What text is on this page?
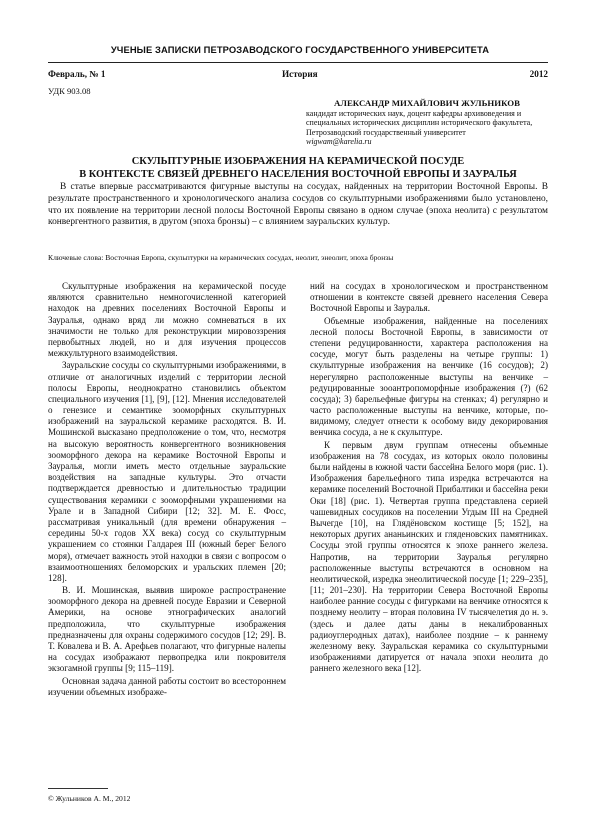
УЧЕНЫЕ ЗАПИСКИ ПЕТРОЗАВОДСКОГО ГОСУДАРСТВЕННОГО УНИВЕРСИТЕТА
Февраль, № 1	История	2012
УДК 903.08
АЛЕКСАНДР МИХАЙЛОВИЧ ЖУЛЬНИКОВ
кандидат исторических наук, доцент кафедры архивоведения и специальных исторических дисциплин исторического факультета, Петрозаводский государственный университет
wigwam@karelia.ru
СКУЛЬПТУРНЫЕ ИЗОБРАЖЕНИЯ НА КЕРАМИЧЕСКОЙ ПОСУДЕ
В КОНТЕКСТЕ СВЯЗЕЙ ДРЕВНЕГО НАСЕЛЕНИЯ ВОСТОЧНОЙ ЕВРОПЫ И ЗАУРАЛЬЯ
В статье впервые рассматриваются фигурные выступы на сосудах, найденных на территории Восточной Европы. В результате пространственного и хронологического анализа сосудов со скульптурными изображениями было установлено, что их появление на территории лесной полосы Восточной Европы связано в одном случае (эпоха неолита) с результатом конвергентного развития, в другом (эпоха бронзы) – с влиянием зауральских культур.
Ключевые слова: Восточная Европа, скульптурки на керамических сосудах, неолит, энеолит, эпоха бронзы

Скульптурные изображения на керамической посуде являются сравнительно немногочисленной категорией находок на древних поселениях Восточной Европы и Зауралья, однако вряд ли можно сомневаться в их значимости не только для реконструкции мировоззрения первобытных людей, но и для изучения процессов межкультурного взаимодействия.

Зауральские сосуды со скульптурными изображениями, в отличие от аналогичных изделий с территории лесной полосы Европы, неоднократно становились объектом специального изучения [1], [9], [12]. Мнения исследователей о генезисе и семантике зооморфных скульптурных изображений на зауральской керамике расходятся. В. И. Мошинской высказано предположение о том, что, несмотря на высокую вероятность конвергентного возникновения зооморфного декора на керамике Восточной Европы и Зауралья, могли иметь место отдельные зауральские воздействия на западные культуры. Это отчасти подтверждается древностью и длительностью традиции существования керамики с зооморфными украшениями на Урале и в Западной Сибири [12; 32]. М. Е. Фосс, рассматривая уникальный (для времени обнаружения – середины 50-х годов XX века) сосуд со скульптурным украшением со стоянки Галдарея III (южный берег Белого моря), отмечает важность этой находки в связи с вопросом о взаимоотношениях беломорских и уральских племен [20; 128].

В. И. Мошинская, выявив широкое распространение зооморфного декора на древней посуде Евразии и Северной Америки, на основе этнографических аналогий предположила, что скульптурные изображения предназначены для охраны содержимого сосудов [12; 29]. В. Т. Ковалева и В. А. Арефьев полагают, что фигурные налепы на сосудах изображают первопредка или покровителя экзогамной группы [9; 115–119].

Основная задача данной работы состоит во всестороннем изучении объемных изображе-

ний на сосудах в хронологическом и пространственном отношении в контексте связей древнего населения Севера Восточной Европы и Зауралья.

Объемные изображения, найденные на поселениях лесной полосы Восточной Европы, в зависимости от степени редуцированности, характера расположения на сосуде, могут быть разделены на четыре группы: 1) скульптурные изображения на венчике (16 сосудов); 2) нерегулярно расположенные выступы на венчике – редуцированные зооантропоморфные изображения (?) (62 сосуда); 3) барельефные фигуры на стенках; 4) регулярно и часто расположенные выступы на венчике, которые, по-видимому, следует отнести к особому виду декорирования венчика сосуда, а не к скульптуре.

К первым двум группам отнесены объемные изображения на 78 сосудах, из которых около половины были найдены в южной части бассейна Белого моря (рис. 1). Изображения барельефного типа изредка встречаются на керамике поселений Восточной Прибалтики и бассейна реки Оки [18] (рис. 1). Четвертая группа представлена серией чашевидных сосудиков на поселении Угдым III на Средней Вычегде [10], на Глядёновском костище [5; 152], на некоторых других ананьинских и гляденовских памятниках. Сосуды этой группы относятся к эпохе раннего железа. Напротив, на территории Зауралья регулярно расположенные выступы встречаются в основном на неолитической, изредка энеолитической посуде [1; 229–235], [11; 201–230]. На территории Севера Восточной Европы наиболее ранние сосуды с фигурками на венчике относятся к позднему неолиту – вторая половина IV тысячелетия до н. э. (здесь и далее даты даны в некалиброванных радиоуглеродных датах), наиболее поздние – к раннему железному веку. Зауральская керамика со скульптурными изображениями датируется от начала эпохи неолита до раннего железного века [12].

© Жульников А. М., 2012
